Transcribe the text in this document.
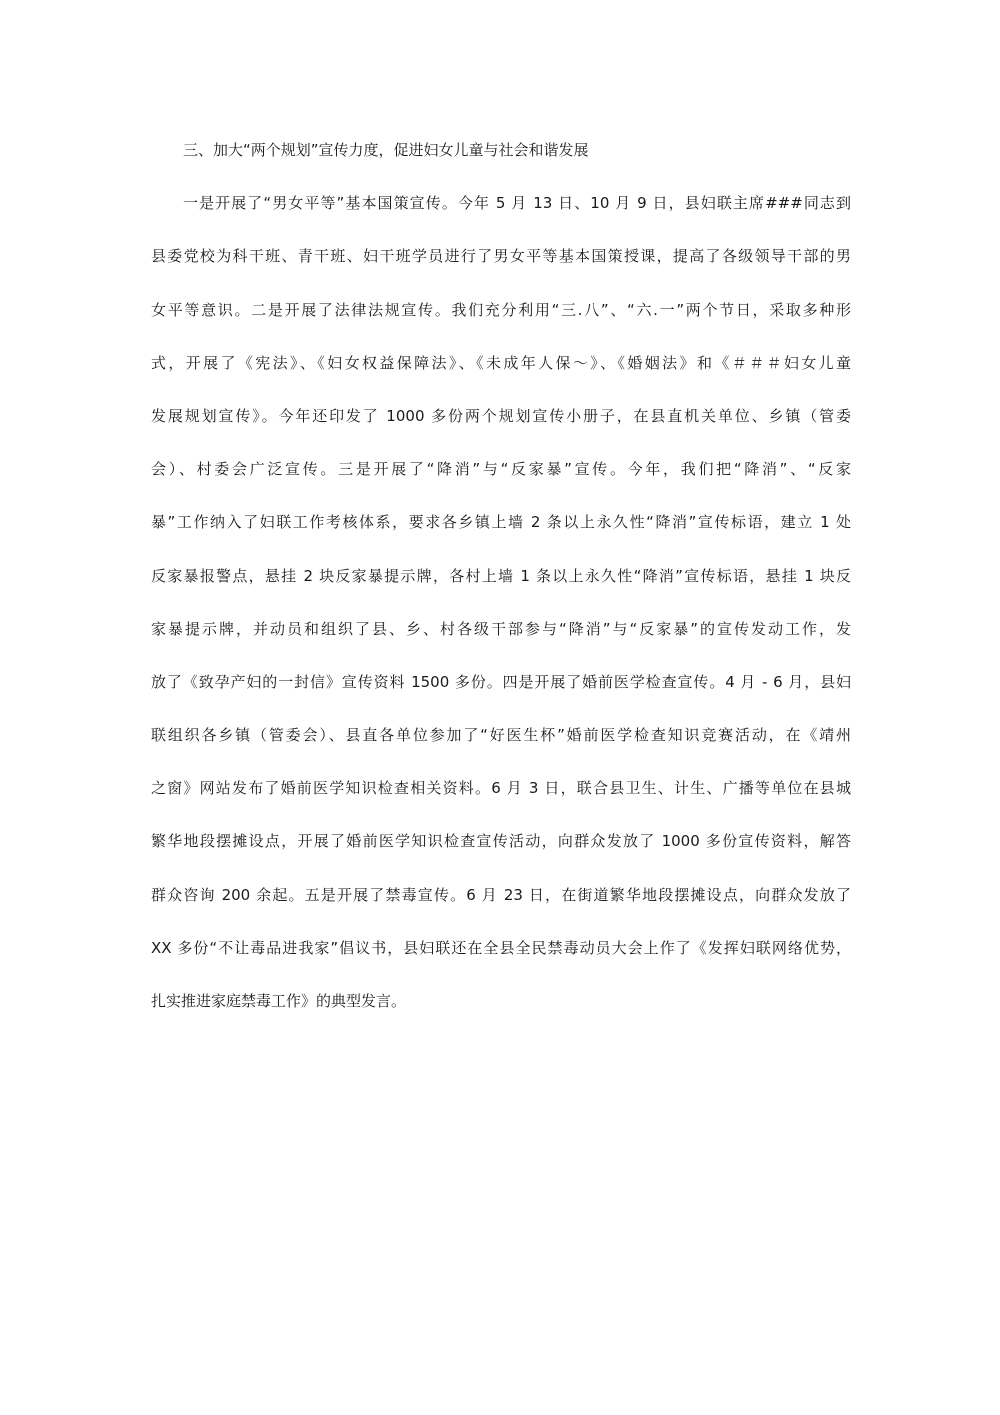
三、加大“两个规划”宣传力度，促进妇女儿童与社会和谐发展
一是开展了“男女平等”基本国策宣传。今年 5 月 13 日、10 月 9 日，县妇联主席###同志到
县委党校为科干班、青干班、妇干班学员进行了男女平等基本国策授课，提高了各级领导干部的男
女平等意识。二是开展了法律法规宣传。我们充分利用“三.八”、“六.一”两个节日，采取多种形
式，开展了《宪法》、《妇女权益保障法》、《未成年人保～》、《婚姻法》和《＃＃＃妇女儿童
发展规划宣传》。今年还印发了 1000 多份两个规划宣传小册子，在县直机关单位、乡镇（管委
会）、村委会广泛宣传。三是开展了“降消”与“反家暴”宣传。今年，我们把“降消”、“反家
暴”工作纳入了妇联工作考核体系，要求各乡镇上墙 2 条以上永久性“降消”宣传标语，建立 1 处
反家暴报警点，悬挂 2 块反家暴提示牌，各村上墙 1 条以上永久性“降消”宣传标语，悬挂 1 块反
家暴提示牌，并动员和组织了县、乡、村各级干部参与“降消”与“反家暴”的宣传发动工作，发
放了《致孕产妇的一封信》宣传资料 1500 多份。四是开展了婚前医学检查宣传。4 月 - 6 月，县妇
联组织各乡镇（管委会）、县直各单位参加了“好医生杯”婚前医学检查知识竞赛活动，在《靖州
之窗》网站发布了婚前医学知识检查相关资料。6 月 3 日，联合县卫生、计生、广播等单位在县城
繁华地段摆摊设点，开展了婚前医学知识检查宣传活动，向群众发放了 1000 多份宣传资料，解答
群众咨询 200 余起。五是开展了禁毒宣传。6 月 23 日，在街道繁华地段摆摊设点，向群众发放了
XX 多份“不让毒品进我家”倡议书，县妇联还在全县全民禁毒动员大会上作了《发挥妇联网络优势，
扎实推进家庭禁毒工作》的典型发言。
